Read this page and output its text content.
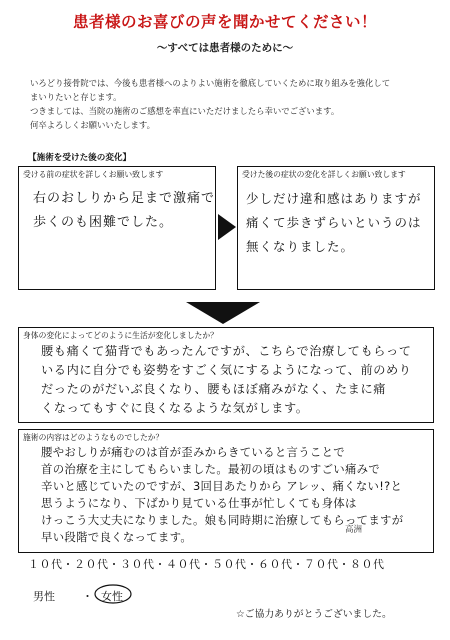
患者様のお喜びの声を聞かせてください！
〜すべては患者様のために〜
いろどり接骨院では、今後も患者様へのよりよい施術を徹底していくために取り組みを強化して
まいりたいと存じます。
つきましては、当院の施術のご感想を率直にいただけましたら幸いでございます。
何卒よろしくお願いいたします。
【施術を受けた後の変化】
受ける前の症状を詳しくお願い致します
右のおしりから足まで激痛で
歩くのも困難でした。
受けた後の症状の変化を詳しくお願い致します
少しだけ違和感はありますが
痛くて歩きずらいというのは
無くなりました。
身体の変化によってどのように生活が変化しましたか？
腰も痛くて猫背でもあったんですが、こちらで治療してもらって
いる内に自分でも姿勢をすごく気にするようになって、前のめり
だったのがだいぶ良くなり、腰もほぼ痛みがなく、たまに痛
くなってもすぐに良くなるような気がします。
施術の内容はどのようなものでしたか？
腰やおしりが痛むのは首が歪みからきていると言うことで
首の治療を主にしてもらいました。最初の頃はものすごい痛みで
辛いと感じていたのですが、3回目あたりから アレッ、痛くない!?と
思うようになり、下ばかり見ている仕事が忙しくても身体は
けっこう大丈夫になりました。娘も同時期に治療してもらってますが
早い段階で良くなってます。	高洲
１０代・２０代・３０代・４０代・５０代・６０代・７０代・８０代
男性 ・ 女性
☆ご協力ありがとうございました。
